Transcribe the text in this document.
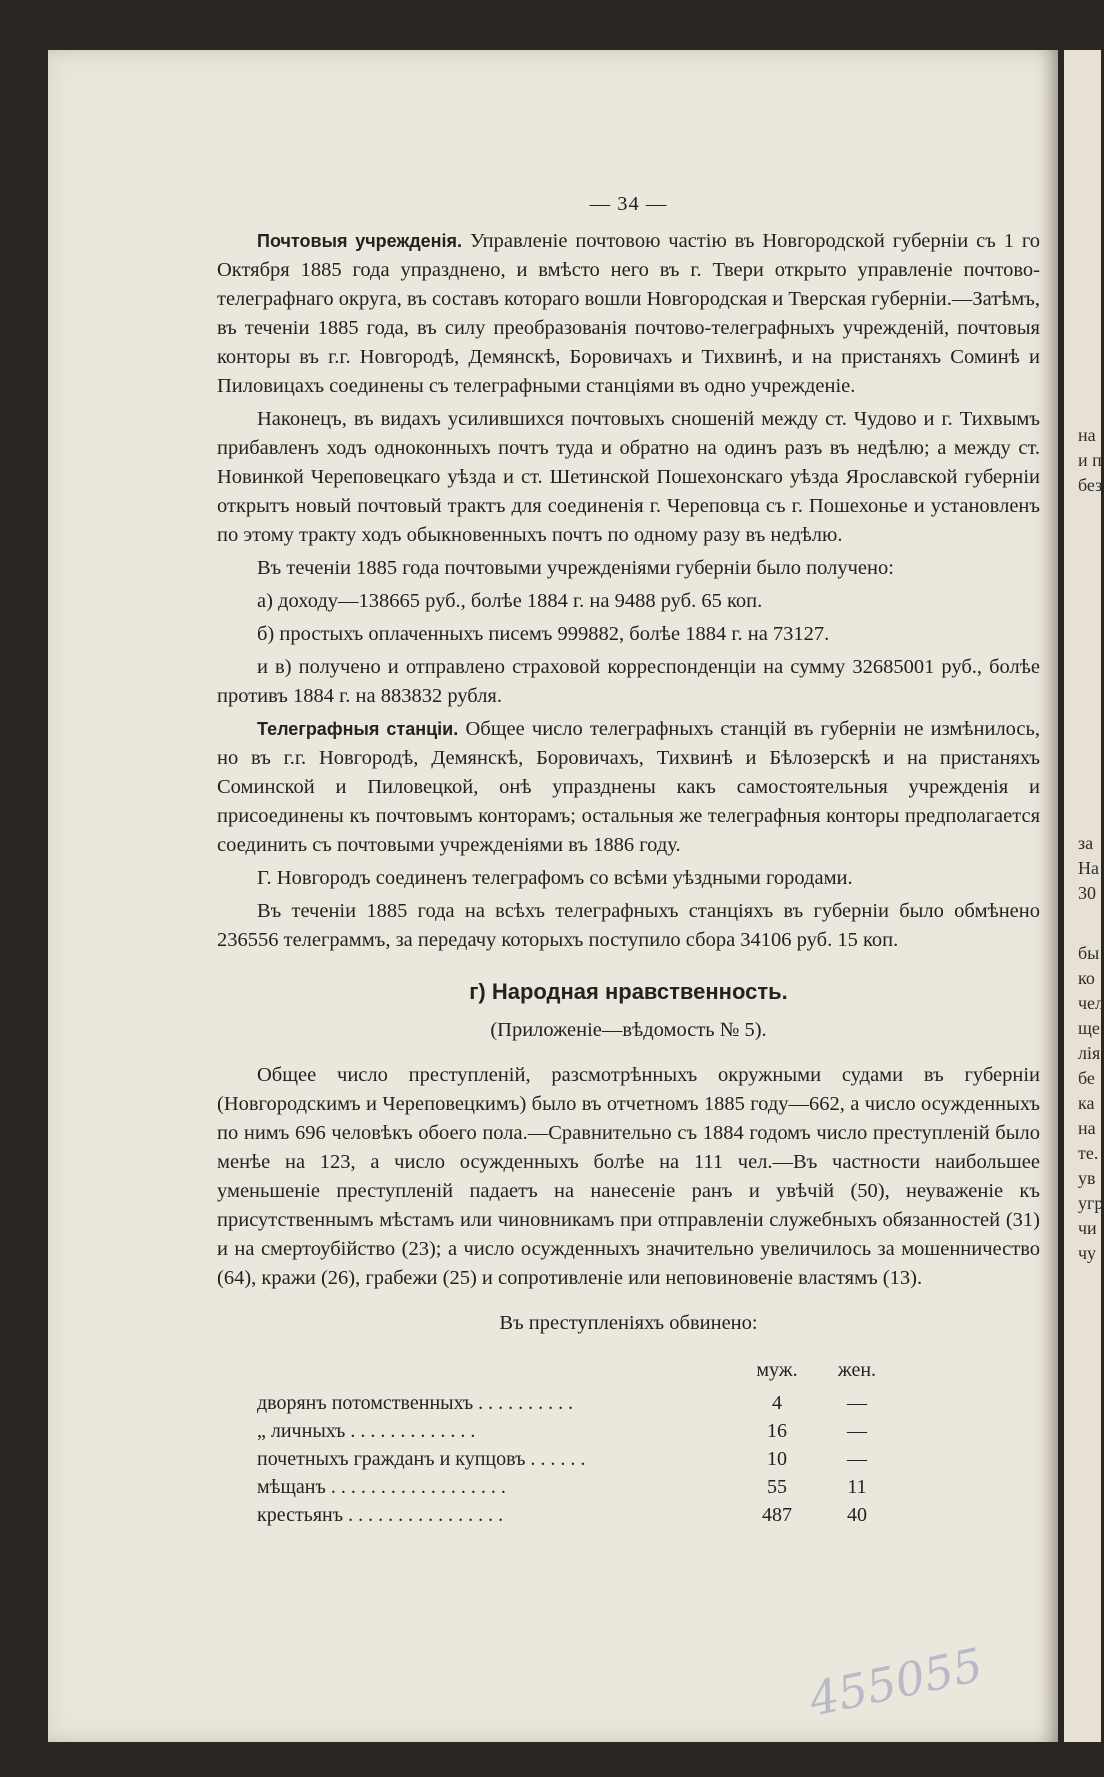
455055
на
и п
без
за
На
30
бы
ко
чел
ще
лія
бе
ка
на
те.
ув
угр
чи
чу
— 34 —

Почтовыя учрежденія. Управленіе почтовою частію въ Новгородской губерніи съ 1 го Октября 1885 года упразднено, и вмѣсто него въ г. Твери открыто управленіе почтово-телеграфнаго округа, въ составъ котораго вошли Новгородская и Тверская губерніи.—Затѣмъ, въ теченіи 1885 года, въ силу преобразованія почтово-телеграфныхъ учрежденій, почтовыя конторы въ г.г. Новгородѣ, Демянскѣ, Боровичахъ и Тихвинѣ, и на пристаняхъ Соминѣ и Пиловицахъ соединены съ телеграфными станціями въ одно учрежденіе.

Наконецъ, въ видахъ усилившихся почтовыхъ сношеній между ст. Чудово и г. Тихвымъ прибавленъ ходъ одноконныхъ почтъ туда и обратно на одинъ разъ въ недѣлю; а между ст. Новинкой Череповецкаго уѣзда и ст. Шетинской Пошехонскаго уѣзда Ярославской губерніи открытъ новый почтовый трактъ для соединенія г. Череповца съ г. Пошехонье и установленъ по этому тракту ходъ обыкновенныхъ почтъ по одному разу въ недѣлю.

Въ теченіи 1885 года почтовыми учрежденіями губерніи было получено:

а) доходу—138665 руб., болѣе 1884 г. на 9488 руб. 65 коп.

б) простыхъ оплаченныхъ писемъ 999882, болѣе 1884 г. на 73127.

и в) получено и отправлено страховой корреспонденціи на сумму 32685001 руб., болѣе противъ 1884 г. на 883832 рубля.

Телеграфныя станціи. Общее число телеграфныхъ станцій въ губерніи не измѣнилось, но въ г.г. Новгородѣ, Демянскѣ, Боровичахъ, Тихвинѣ и Бѣлозерскѣ и на пристаняхъ Соминской и Пиловецкой, онѣ упразднены какъ самостоятельныя учрежденія и присоединены къ почтовымъ конторамъ; остальныя же телеграфныя конторы предполагается соединить съ почтовыми учрежденіями въ 1886 году.

Г. Новгородъ соединенъ телеграфомъ со всѣми уѣздными городами.

Въ теченіи 1885 года на всѣхъ телеграфныхъ станціяхъ въ губерніи было обмѣнено 236556 телеграммъ, за передачу которыхъ поступило сбора 34106 руб. 15 коп.

г) Народная нравственность.
(Приложеніе—вѣдомость № 5).

Общее число преступленій, разсмотрѣнныхъ окружными судами въ губерніи (Новгородскимъ и Череповецкимъ) было въ отчетномъ 1885 году—662, а число осужденныхъ по нимъ 696 человѣкъ обоего пола.—Сравнительно съ 1884 годомъ число преступленій было менѣе на 123, а число осужденныхъ болѣе на 111 чел.—Въ частности наибольшее уменьшеніе преступленій падаетъ на нанесеніе ранъ и увѣчій (50), неуваженіе къ присутственнымъ мѣстамъ или чиновникамъ при отправленіи служебныхъ обязанностей (31) и на смертоубійство (23); а число осужденныхъ значительно увеличилось за мошенничество (64), кражи (26), грабежи (25) и сопротивленіе или неповиновеніе властямъ (13).

Въ преступленіяхъ обвинено:
	муж.	жен.
дворянъ потомственныхъ . . . . . . . . . .	4	—
„ личныхъ . . . . . . . . . . . . .	16	—
почетныхъ гражданъ и купцовъ . . . . . .	10	—
мѣщанъ . . . . . . . . . . . . . . . . . .	55	11
крестьянъ . . . . . . . . . . . . . . . .	487	40
